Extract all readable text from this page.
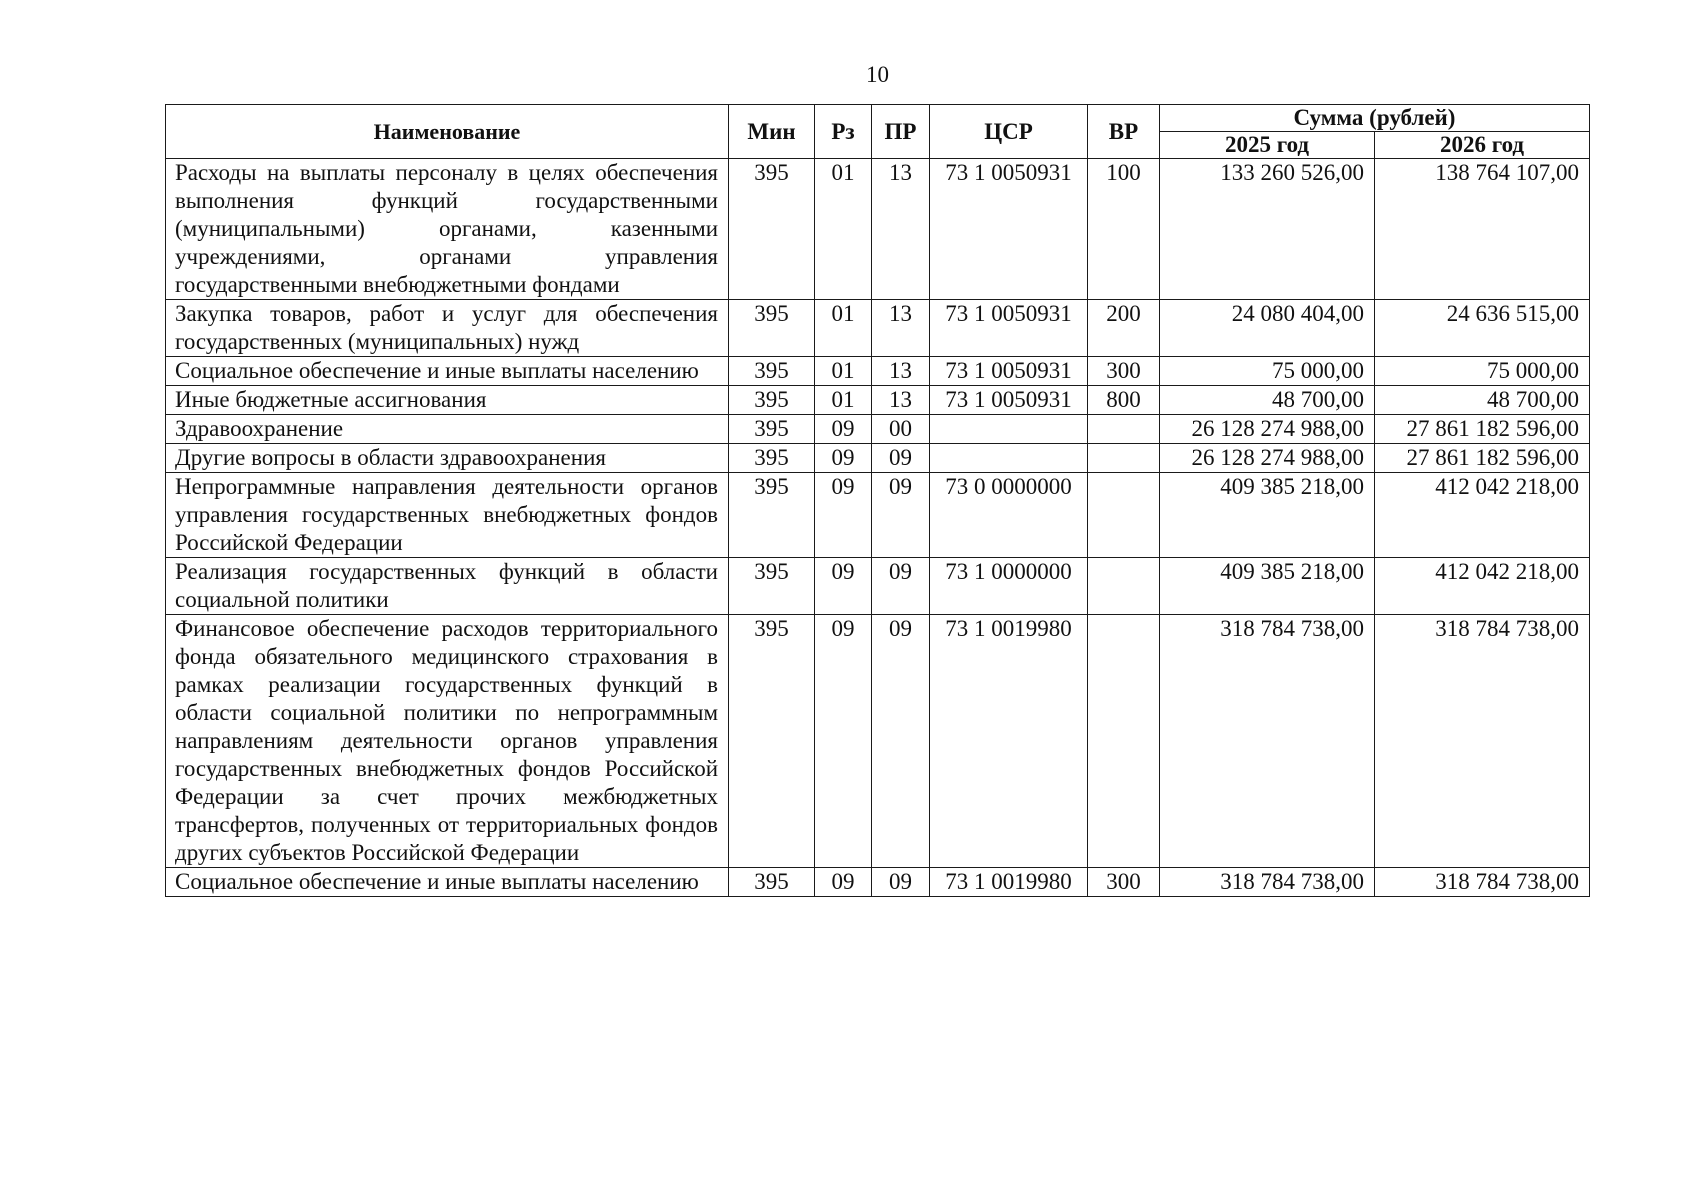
10
Наименование	Мин	Рз	ПР	ЦСР	ВР	Сумма (рублей)	
						2025 год	2026 год
Расходы на выплаты персоналу в целях обеспечения выполнения функций государственными (муниципальными) органами, казенными учреждениями, органами управления государственными внебюджетными фондами	395	01	13	73 1 0050931	100	133 260 526,00	138 764 107,00
Закупка товаров, работ и услуг для обеспечения государственных (муниципальных) нужд	395	01	13	73 1 0050931	200	24 080 404,00	24 636 515,00
Социальное обеспечение и иные выплаты населению	395	01	13	73 1 0050931	300	75 000,00	75 000,00
Иные бюджетные ассигнования	395	01	13	73 1 0050931	800	48 700,00	48 700,00
Здравоохранение	395	09	00			26 128 274 988,00	27 861 182 596,00
Другие вопросы в области здравоохранения	395	09	09			26 128 274 988,00	27 861 182 596,00
Непрограммные направления деятельности органов управления государственных внебюджетных фондов Российской Федерации	395	09	09	73 0 0000000		409 385 218,00	412 042 218,00
Реализация государственных функций в области социальной политики	395	09	09	73 1 0000000		409 385 218,00	412 042 218,00
Финансовое обеспечение расходов территориального фонда обязательного медицинского страхования в рамках реализации государственных функций в области социальной политики по непрограммным направлениям деятельности органов управления государственных внебюджетных фондов Российской Федерации за счет прочих межбюджетных трансфертов, полученных от территориальных фондов других субъектов Российской Федерации	395	09	09	73 1 0019980		318 784 738,00	318 784 738,00
Социальное обеспечение и иные выплаты населению	395	09	09	73 1 0019980	300	318 784 738,00	318 784 738,00
